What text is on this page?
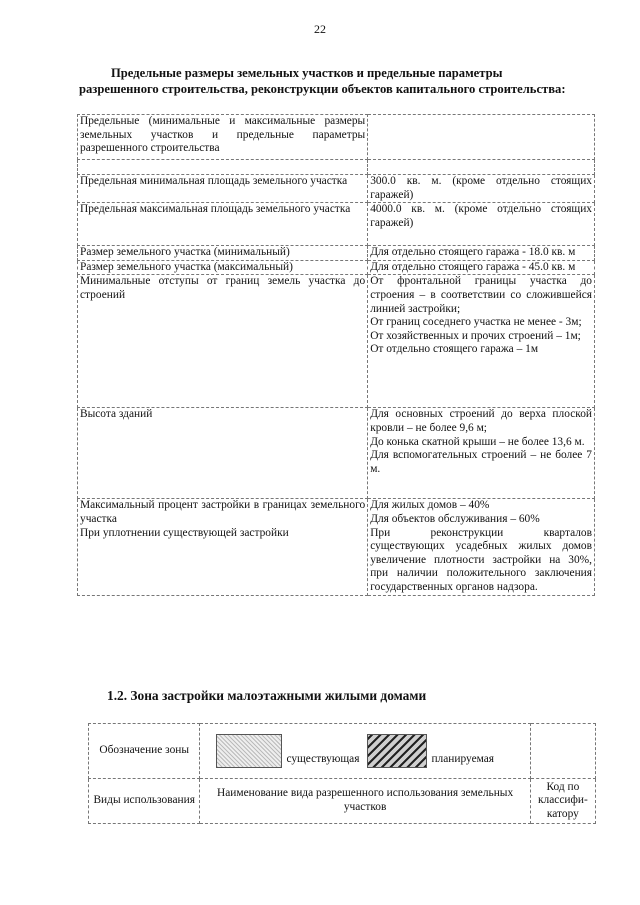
22
Предельные размеры земельных участков и предельные параметры
разрешенного строительства, реконструкции объектов капитального строительства:
Предельные (минимальные и максимальные размеры земельных участков и предельные параметры разрешенного строительства	

Предельная минимальная площадь земельного участка	300.0 кв. м. (кроме отдельно стоящих гаражей)
Предельная максимальная площадь земельного участка	4000.0 кв. м. (кроме отдельно стоящих гаражей)
Размер земельного участка (минимальный)	Для отдельно стоящего гаража - 18.0 кв. м
Размер земельного участка (максимальный)	Для отдельно стоящего гаража - 45.0 кв. м
Минимальные отступы от границ земель участка до строений	От фронтальной границы участка до строения – в соответствии со сложившейся линией застройки;
От границ соседнего участка не менее - 3м;
От хозяйственных и прочих строений – 1м;
От отдельно стоящего гаража – 1м

Высота зданий	Для основных строений до верха плоской кровли – не более 9,6 м;
До конька скатной крыши – не более 13,6 м.
Для вспомогательных строений – не более 7 м.

Максимальный процент застройки в границах земельного участка
При уплотнении существующей застройки	Для жилых домов – 40%
Для объектов обслуживания – 60%
При реконструкции кварталов существующих усадебных жилых домов увеличение плотности застройки на 30%, при наличии положительного заключения государственных органов надзора.
1.2. Зона застройки малоэтажными жилыми домами
Обозначение зоны	существующая планируемая	

Виды использования	Наименование вида разрешенного использования земельных участков	Код по классифи-катору
